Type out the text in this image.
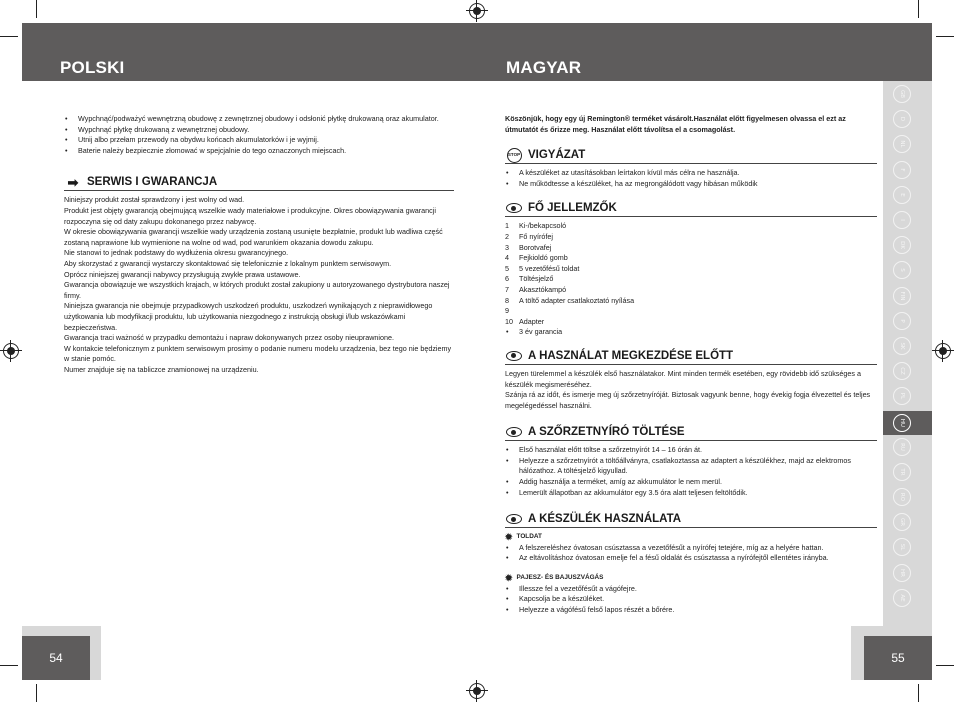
POLSKI	MAGYAR
54	55
HU
GB
D
NL
F
E
I
DK
S
FIN
P
SK
CZ
PL
RU
TR
RO
GR
SL
HR
AE
• Wypchnąć/podważyć wewnętrzną obudowę z zewnętrznej obudowy i odsłonić płytkę drukowaną oraz akumulator.
• Wypchnąć płytkę drukowaną z wewnętrznej obudowy.
• Utnij albo przełam przewody na obydwu końcach akumulatorków i je wyjmij.
• Baterie należy bezpiecznie złomować w spejcjalnie do tego oznaczonych miejscach.
➡ SERWIS I GWARANCJA

Niniejszy produkt został sprawdzony i jest wolny od wad.

Produkt jest objęty gwarancją obejmującą wszelkie wady materiałowe i produkcyjne. Okres obowiązywania gwarancji rozpoczyna się od daty zakupu dokonanego przez nabywcę.

W okresie obowiązywania gwarancji wszelkie wady urządzenia zostaną usunięte bezpłatnie, produkt lub wadliwa część zostaną naprawione lub wymienione na wolne od wad, pod warunkiem okazania dowodu zakupu.

Nie stanowi to jednak podstawy do wydłużenia okresu gwarancyjnego.

Aby skorzystać z gwarancji wystarczy skontaktować się telefonicznie z lokalnym punktem serwisowym.

Oprócz niniejszej gwarancji nabywcy przysługują zwykłe prawa ustawowe.

Gwarancja obowiązuje we wszystkich krajach, w których produkt został zakupiony u autoryzowanego dystrybutora naszej firmy.

Niniejsza gwarancja nie obejmuje przypadkowych uszkodzeń produktu, uszkodzeń wynikających z nieprawidłowego użytkowania lub modyfikacji produktu, lub użytkowania niezgodnego z instrukcją obsługi i/lub wskazówkami bezpieczeństwa.

Gwarancja traci ważność w przypadku demontażu i napraw dokonywanych przez osoby nieuprawnione.

W kontakcie telefonicznym z punktem serwisowym prosimy o podanie numeru modelu urządzenia, bez tego nie będziemy w stanie pomóc.

Numer znajduje się na tabliczce znamionowej na urządzeniu.

Köszönjük, hogy egy új Remington® terméket vásárolt.Használat előtt figyelmesen olvassa el ezt az útmutatót és őrizze meg. Használat előtt távolítsa el a csomagolást.

STOP VIGYÁZAT
• A készüléket az utasításokban leírtakon kívül más célra ne használja.
• Ne működtesse a készüléket, ha az megrongálódott vagy hibásan működik
FŐ JELLEMZŐK
1	Ki-/bekapcsoló
2	Fő nyírófej
3	Borotvafej
4	Fejkioldó gomb
5	5 vezetőfésű toldat
6	Töltésjelző
7	Akasztókampó
8	A töltő adapter csatlakoztató nyílása
9
10 Adapter
• 3 év garancia
A HASZNÁLAT MEGKEZDÉSE ELŐTT

Legyen türelemmel a készülék első használatakor. Mint minden termék esetében, egy rövidebb idő szükséges a készülék megismeréséhez.

Szánja rá az időt, és ismerje meg új szőrzetnyíróját. Biztosak vagyunk benne, hogy évekig fogja élvezettel és teljes megelégedéssel használni.

A SZŐRZETNYÍRÓ TÖLTÉSE
• Első használat előtt töltse a szőrzetnyírót 14 – 16 órán át.
• Helyezze a szőrzetnyírót a töltőállványra, csatlakoztassa az adaptert a készülékhez, majd az elektromos hálózathoz. A töltésjelző kigyullad.
• Addig használja a terméket, amíg az akkumulátor le nem merül.
• Lemerült állapotban az akkumulátor egy 3.5 óra alatt teljesen feltöltődik.
A KÉSZÜLÉK HASZNÁLATA
✹ TOLDAT
• A felszereléshez óvatosan csúsztassa a vezetőfésűt a nyírófej tetejére, míg az a helyére hattan.
• Az eltávolításhoz óvatosan emelje fel a fésű oldalát és csúsztassa a nyírófejtől ellentétes irányba.
✹ PAJESZ- ÉS BAJUSZVÁGÁS
• Illessze fel a vezetőfésűt a vágófejre.
• Kapcsolja be a készüléket.
• Helyezze a vágófésű felső lapos részét a bőrére.
